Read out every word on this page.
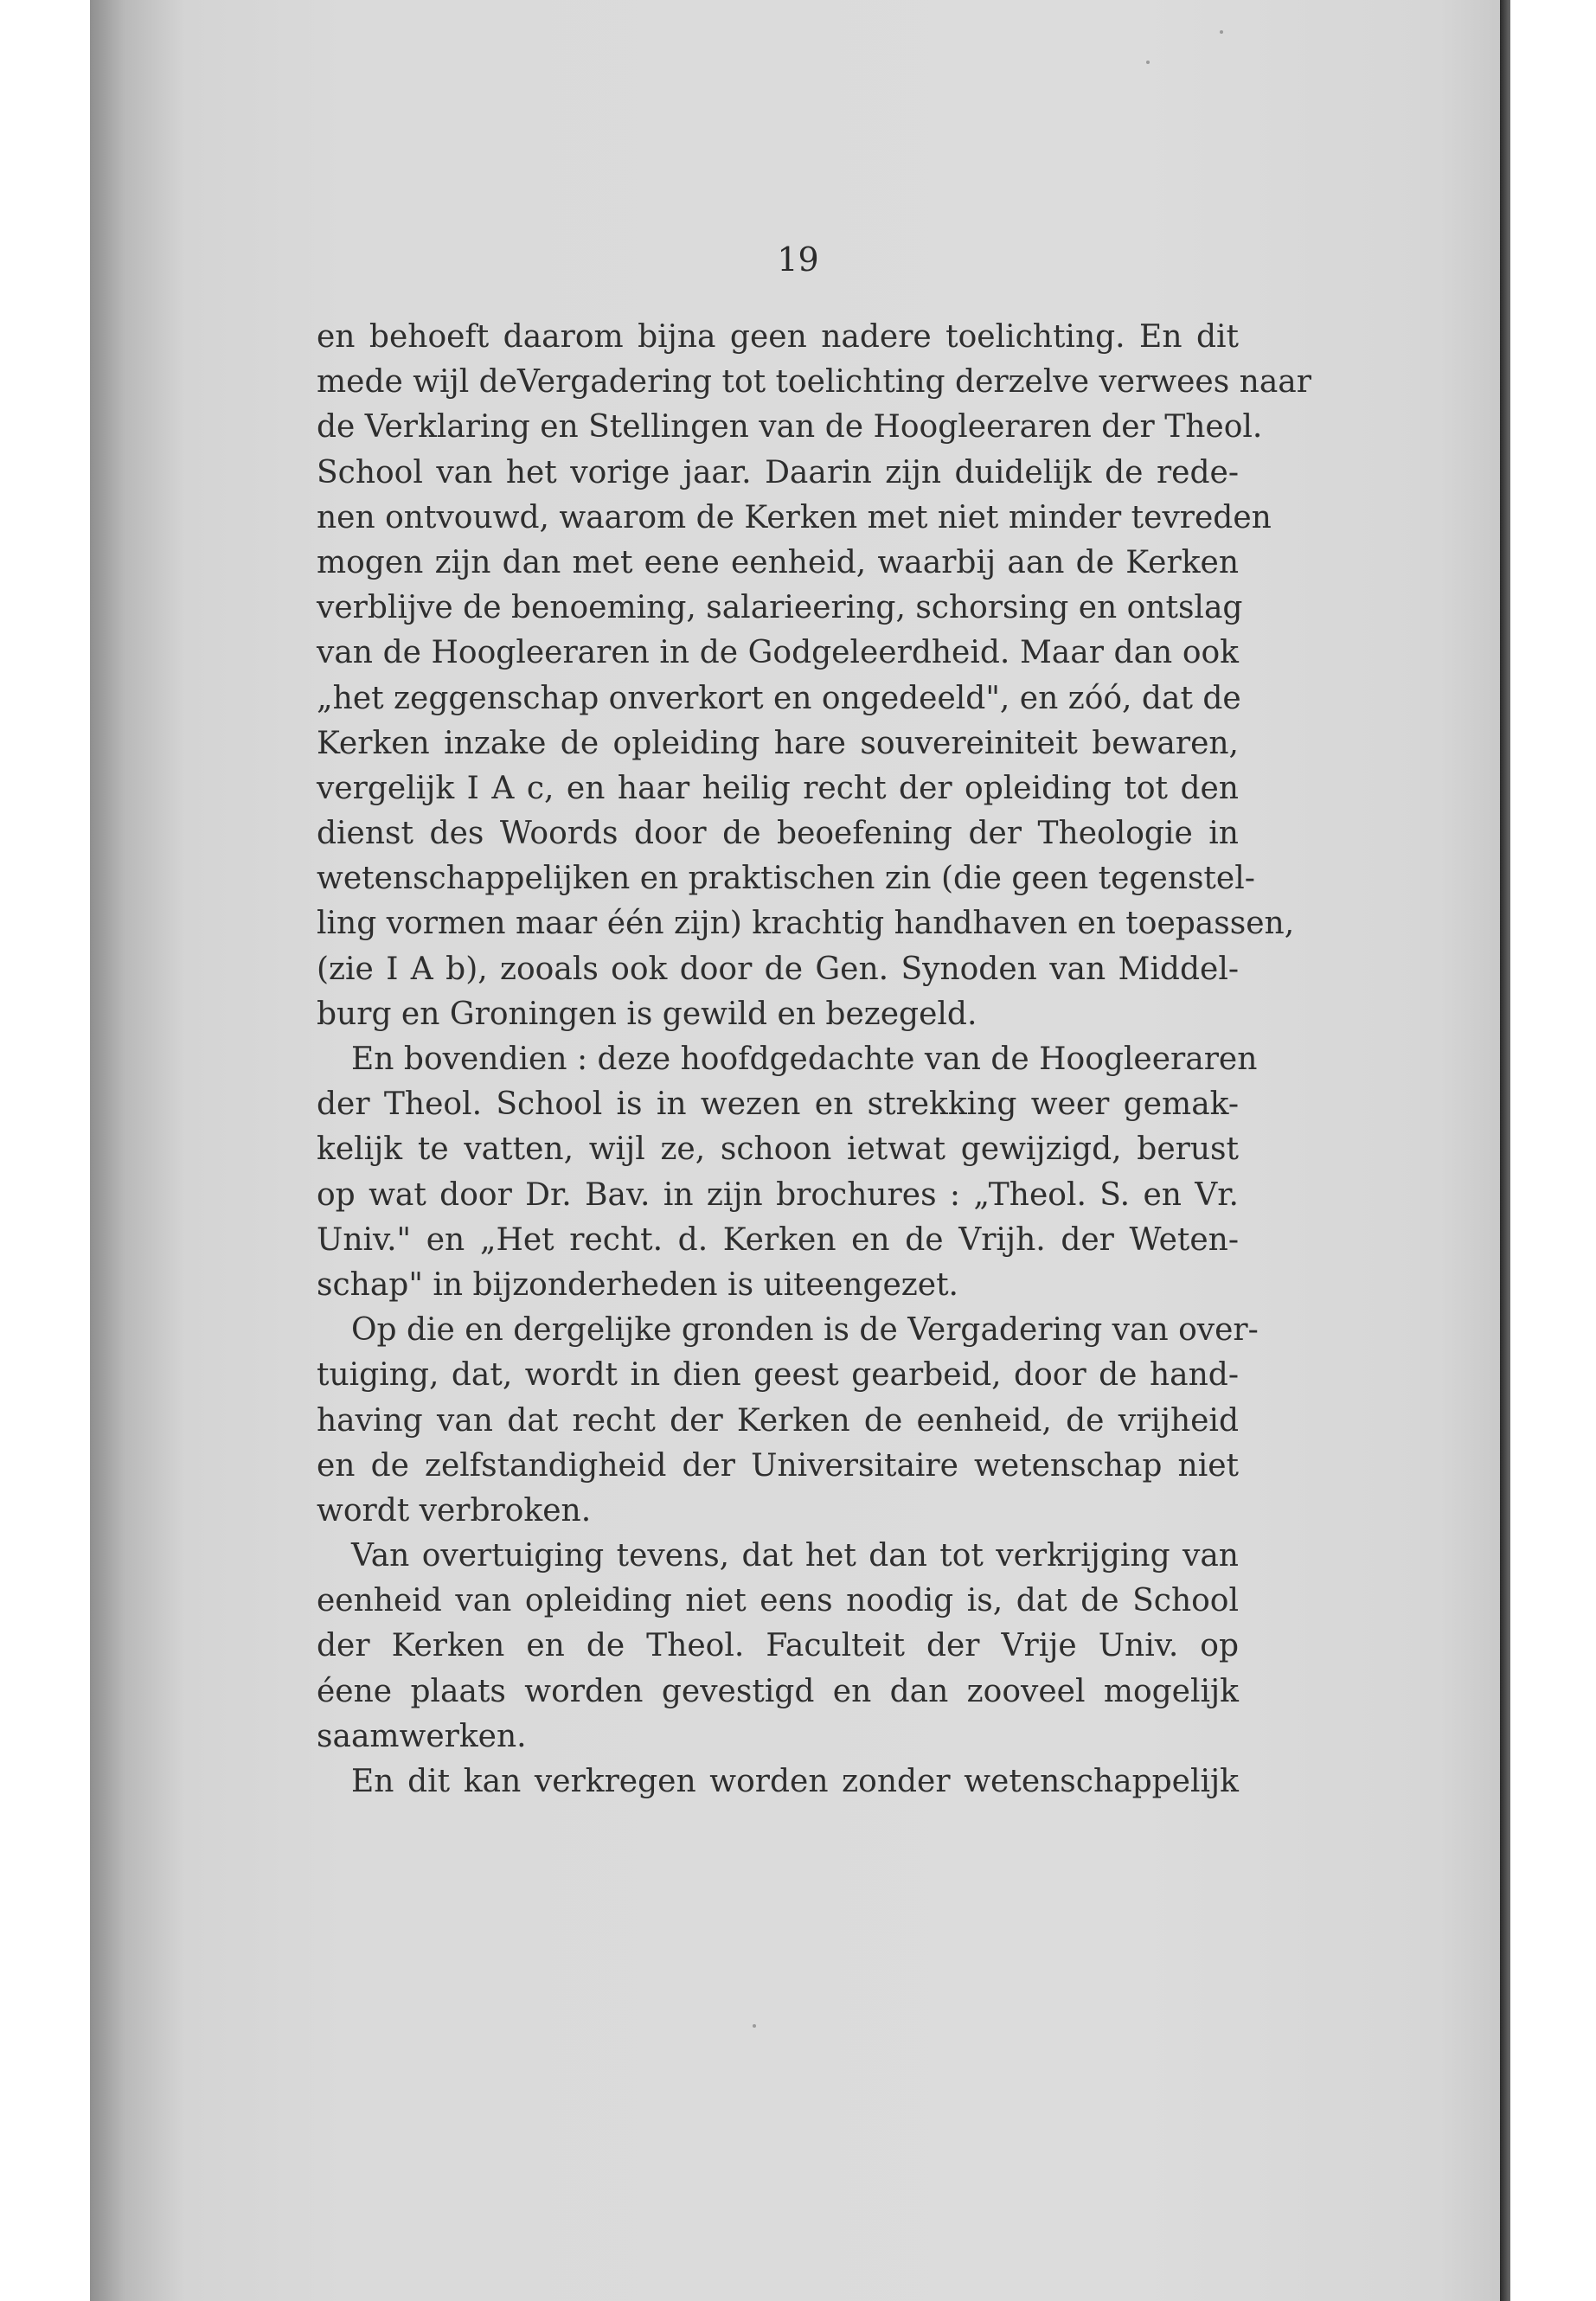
19
en behoeft daarom bijna geen nadere toelichting. En dit
mede wijl deVergadering tot toelichting derzelve verwees naar
de Verklaring en Stellingen van de Hoogleeraren der Theol.
School van het vorige jaar. Daarin zijn duidelijk de rede-
nen ontvouwd, waarom de Kerken met niet minder tevreden
mogen zijn dan met eene eenheid, waarbij aan de Kerken
verblijve de benoeming, salarieering, schorsing en ontslag
van de Hoogleeraren in de Godgeleerdheid. Maar dan ook
„het zeggenschap onverkort en ongedeeld", en zóó, dat de
Kerken inzake de opleiding hare souvereiniteit bewaren,
vergelijk I A c, en haar heilig recht der opleiding tot den
dienst des Woords door de beoefening der Theologie in
wetenschappelijken en praktischen zin (die geen tegenstel-
ling vormen maar één zijn) krachtig handhaven en toepassen,
(zie I A b), zooals ook door de Gen. Synoden van Middel-
burg en Groningen is gewild en bezegeld.
En bovendien : deze hoofdgedachte van de Hoogleeraren
der Theol. School is in wezen en strekking weer gemak-
kelijk te vatten, wijl ze, schoon ietwat gewijzigd, berust
op wat door Dr. Bav. in zijn brochures : „Theol. S. en Vr.
Univ." en „Het recht. d. Kerken en de Vrijh. der Weten-
schap" in bijzonderheden is uiteengezet.
Op die en dergelijke gronden is de Vergadering van over-
tuiging, dat, wordt in dien geest gearbeid, door de hand-
having van dat recht der Kerken de eenheid, de vrijheid
en de zelfstandigheid der Universitaire wetenschap niet
wordt verbroken.
Van overtuiging tevens, dat het dan tot verkrijging van
eenheid van opleiding niet eens noodig is, dat de School
der Kerken en de Theol. Faculteit der Vrije Univ. op
éene plaats worden gevestigd en dan zooveel mogelijk
saamwerken.
En dit kan verkregen worden zonder wetenschappelijk
